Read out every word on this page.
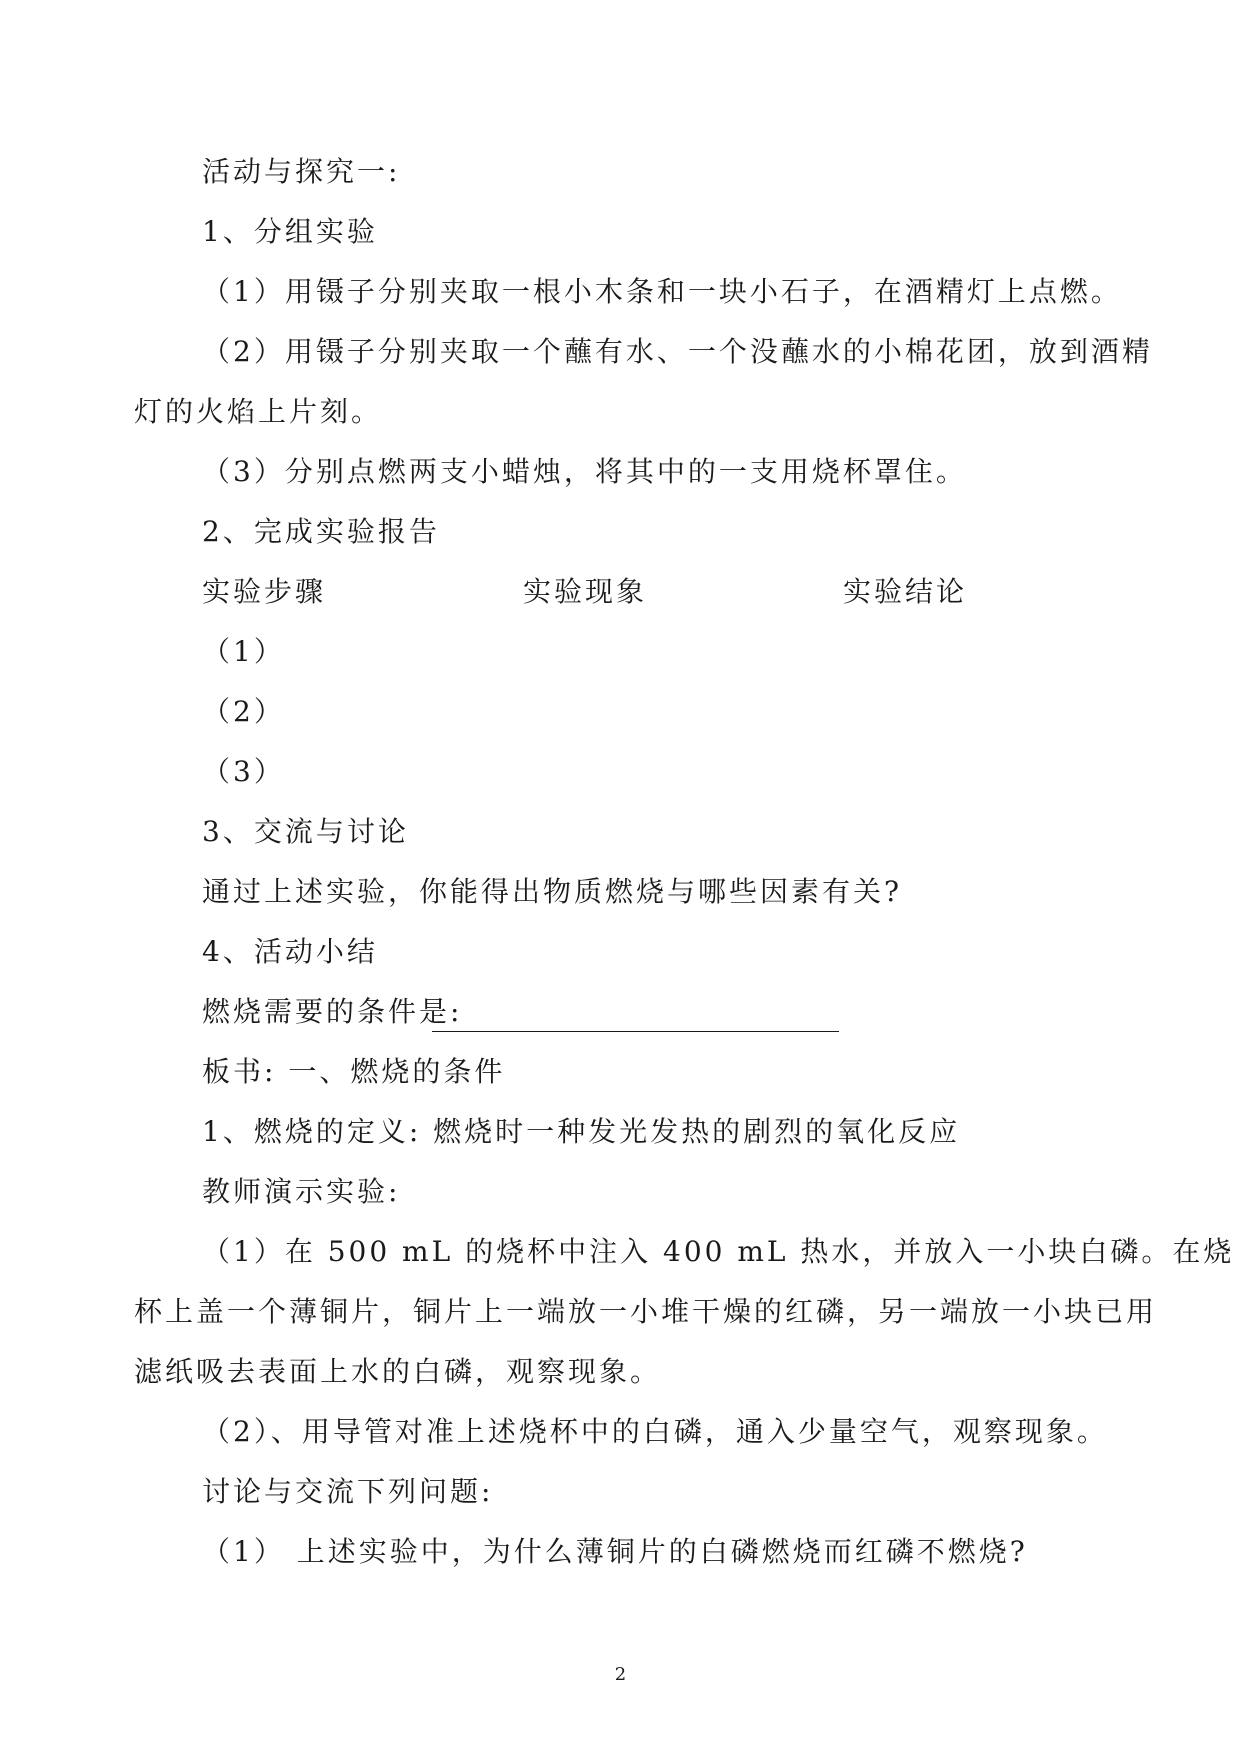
活动与探究一:
1、分组实验
（1）用镊子分别夹取一根小木条和一块小石子，在酒精灯上点燃。
（2）用镊子分别夹取一个蘸有水、一个没蘸水的小棉花团，放到酒精
灯的火焰上片刻。
（3）分别点燃两支小蜡烛，将其中的一支用烧杯罩住。
2、完成实验报告
实验步骤	实验现象	实验结论
（1）
（2）
（3）
3、交流与讨论
通过上述实验，你能得出物质燃烧与哪些因素有关?
4、活动小结
燃烧需要的条件是:
板书: 一、燃烧的条件
1、燃烧的定义: 燃烧时一种发光发热的剧烈的氧化反应
教师演示实验:
（1）在 500 mL 的烧杯中注入 400 mL 热水，并放入一小块白磷。在烧
杯上盖一个薄铜片，铜片上一端放一小堆干燥的红磷，另一端放一小块已用
滤纸吸去表面上水的白磷，观察现象。
（2）、用导管对准上述烧杯中的白磷，通入少量空气，观察现象。
讨论与交流下列问题:
（1） 上述实验中，为什么薄铜片的白磷燃烧而红磷不燃烧?
2
